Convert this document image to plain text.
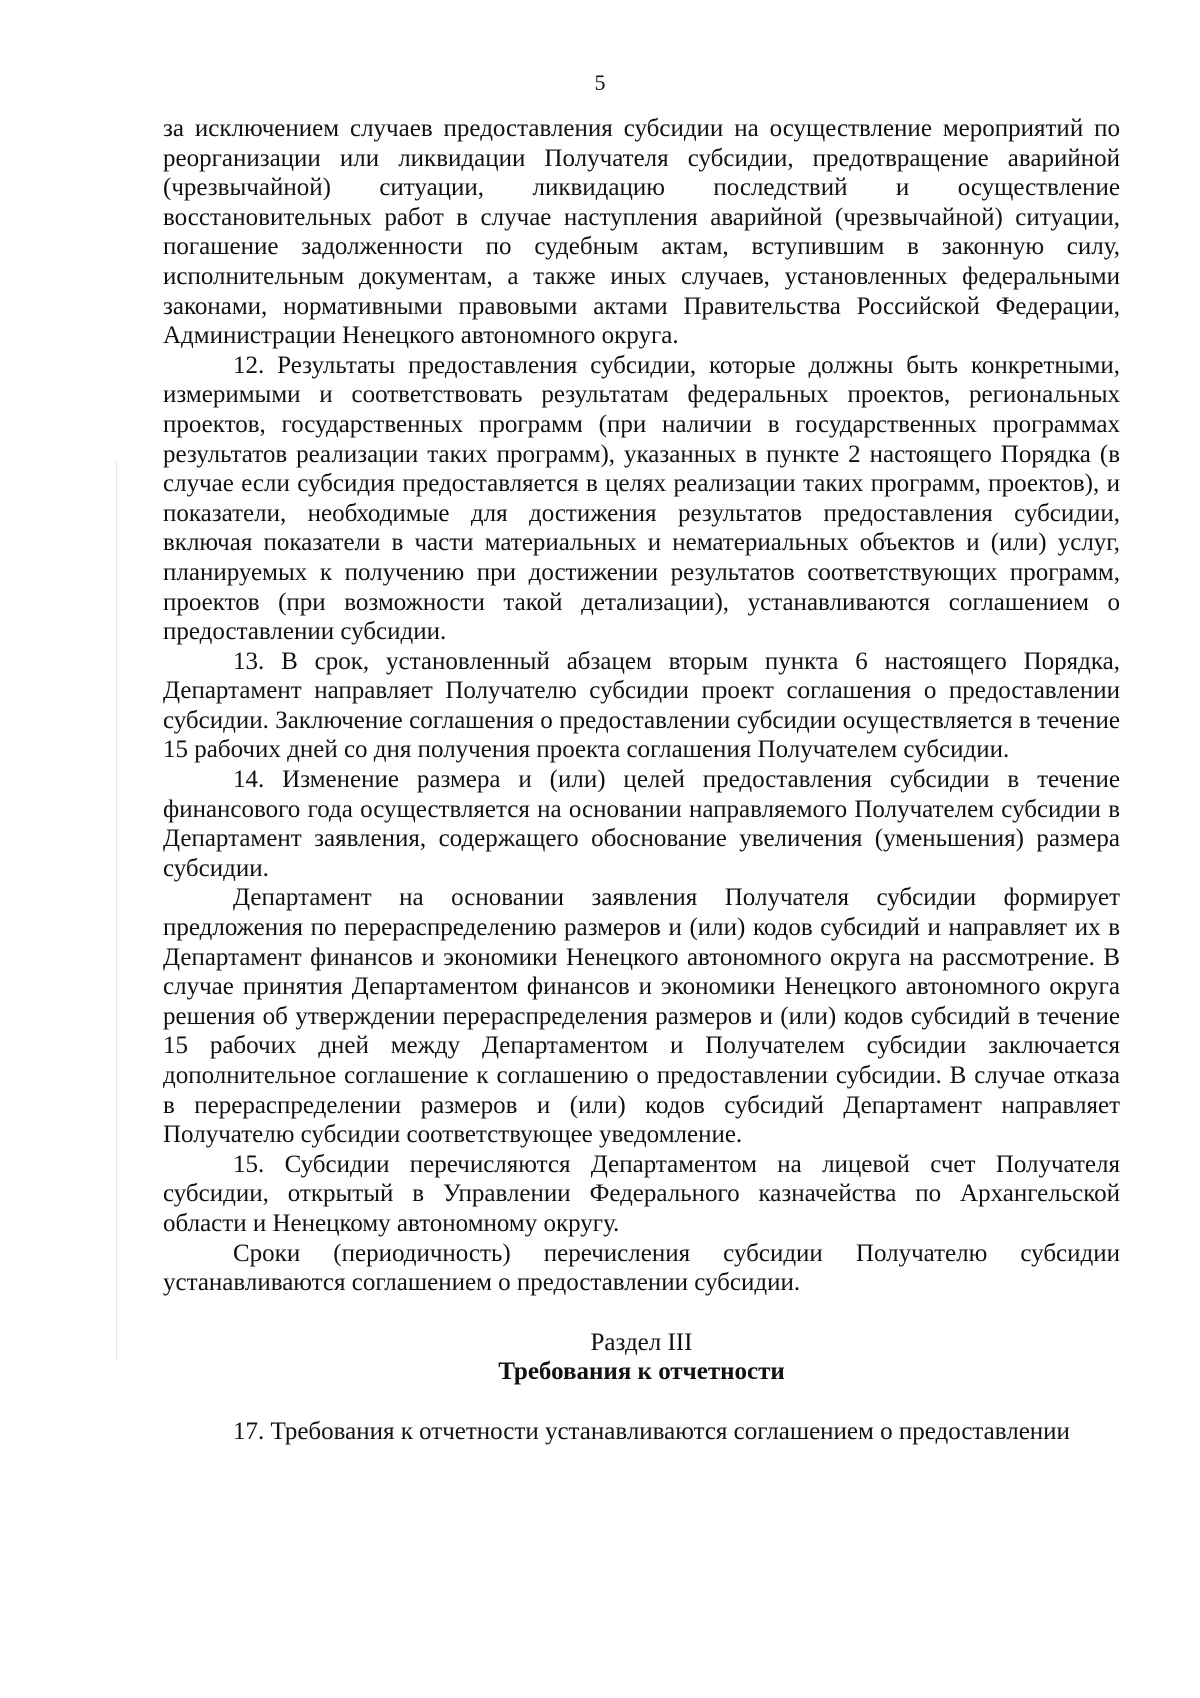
5

за исключением случаев предоставления субсидии на осуществление мероприятий по реорганизации или ликвидации Получателя субсидии, предотвращение аварийной (чрезвычайной) ситуации, ликвидацию последствий и осуществление восстановительных работ в случае наступления аварийной (чрезвычайной) ситуации, погашение задолженности по судебным актам, вступившим в законную силу, исполнительным документам, а также иных случаев, установленных федеральными законами, нормативными правовыми актами Правительства Российской Федерации, Администрации Ненецкого автономного округа.

12. Результаты предоставления субсидии, которые должны быть конкретными, измеримыми и соответствовать результатам федеральных проектов, региональных проектов, государственных программ (при наличии в государственных программах результатов реализации таких программ), указанных в пункте 2 настоящего Порядка (в случае если субсидия предоставляется в целях реализации таких программ, проектов), и показатели, необходимые для достижения результатов предоставления субсидии, включая показатели в части материальных и нематериальных объектов и (или) услуг, планируемых к получению при достижении результатов соответствующих программ, проектов (при возможности такой детализации), устанавливаются соглашением о предоставлении субсидии.

13. В срок, установленный абзацем вторым пункта 6 настоящего Порядка, Департамент направляет Получателю субсидии проект соглашения о предоставлении субсидии. Заключение соглашения о предоставлении субсидии осуществляется в течение 15 рабочих дней со дня получения проекта соглашения Получателем субсидии.

14. Изменение размера и (или) целей предоставления субсидии в течение финансового года осуществляется на основании направляемого Получателем субсидии в Департамент заявления, содержащего обоснование увеличения (уменьшения) размера субсидии.

Департамент на основании заявления Получателя субсидии формирует предложения по перераспределению размеров и (или) кодов субсидий и направляет их в Департамент финансов и экономики Ненецкого автономного округа на рассмотрение. В случае принятия Департаментом финансов и экономики Ненецкого автономного округа решения об утверждении перераспределения размеров и (или) кодов субсидий в течение 15 рабочих дней между Департаментом и Получателем субсидии заключается дополнительное соглашение к соглашению о предоставлении субсидии. В случае отказа в перераспределении размеров и (или) кодов субсидий Департамент направляет Получателю субсидии соответствующее уведомление.

15. Субсидии перечисляются Департаментом на лицевой счет Получателя субсидии, открытый в Управлении Федерального казначейства по Архангельской области и Ненецкому автономному округу.

Сроки (периодичность) перечисления субсидии Получателю субсидии устанавливаются соглашением о предоставлении субсидии.

Раздел III

Требования к отчетности

17. Требования к отчетности устанавливаются соглашением о предоставлении
